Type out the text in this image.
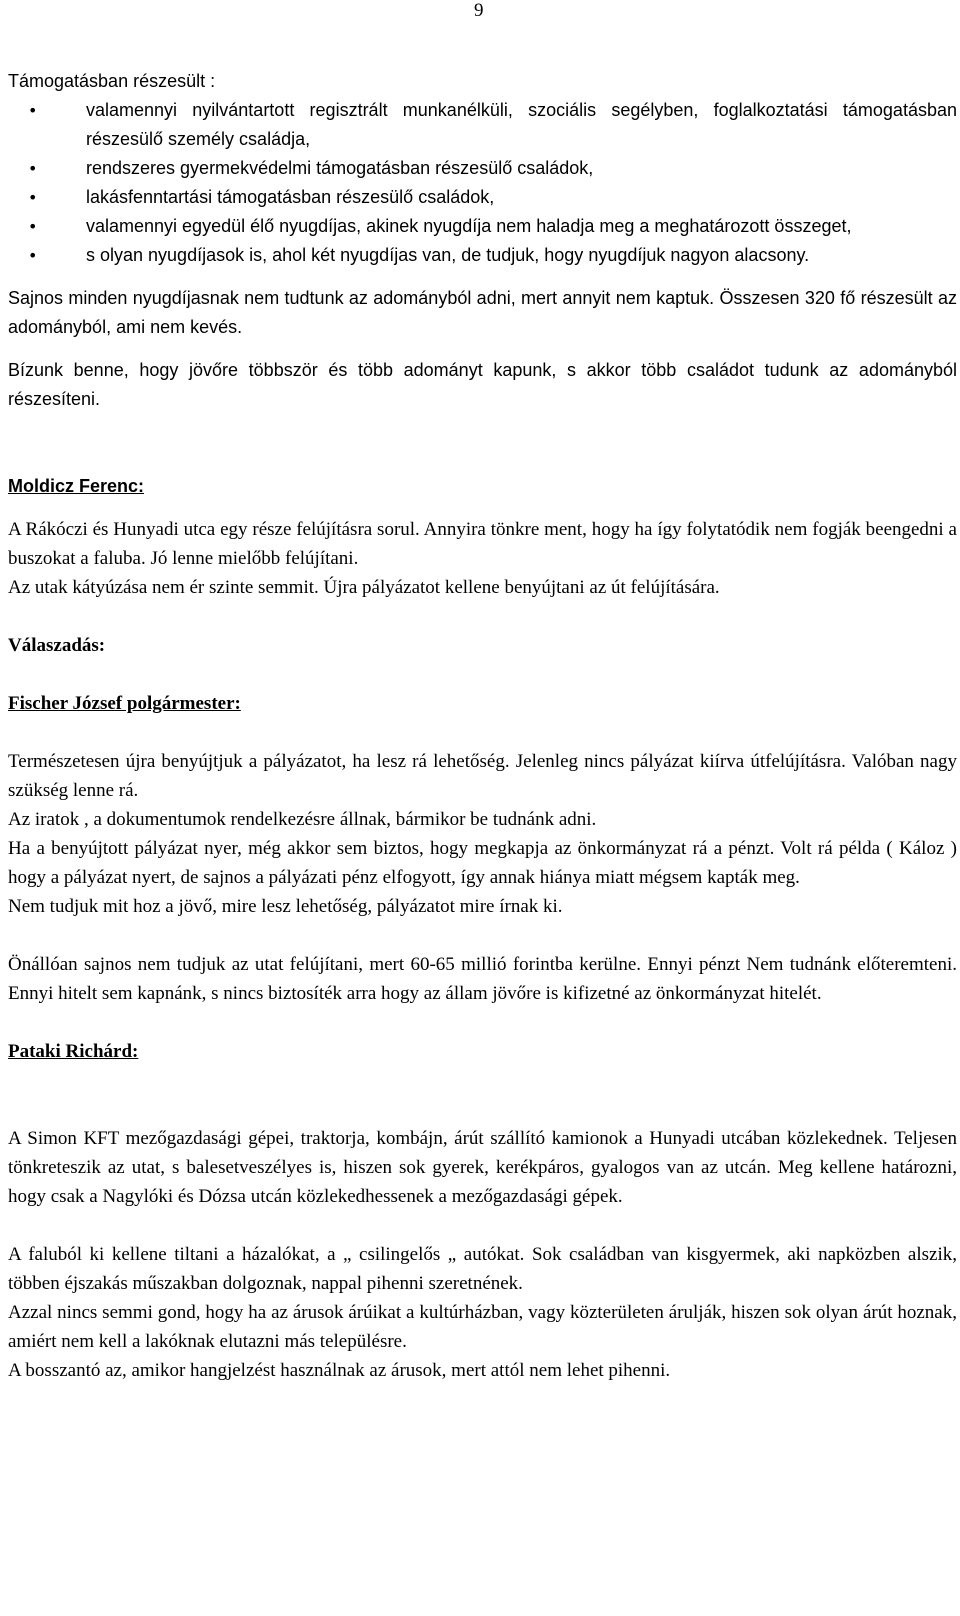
9

Támogatásban részesült :

• valamennyi nyilvántartott regisztrált munkanélküli, szociális segélyben, foglalkoztatási támogatásban részesülő személy családja,
• rendszeres gyermekvédelmi támogatásban részesülő családok,
• lakásfenntartási támogatásban részesülő családok,
• valamennyi egyedül élő nyugdíjas, akinek nyugdíja nem haladja meg a meghatározott összeget,
• s olyan nyugdíjasok is, ahol két nyugdíjas van, de tudjuk, hogy nyugdíjuk nagyon alacsony.

Sajnos minden nyugdíjasnak nem tudtunk az adományból adni, mert annyit nem kaptuk. Összesen 320 fő részesült az adományból, ami nem kevés.

Bízunk benne, hogy jövőre többször és több adományt kapunk, s akkor több családot tudunk az adományból részesíteni.

Moldicz Ferenc:

A Rákóczi és Hunyadi utca egy része felújításra sorul. Annyira tönkre ment, hogy ha így folytatódik nem fogják beengedni a buszokat a faluba. Jó lenne mielőbb felújítani.

Az utak kátyúzása nem ér szinte semmit. Újra pályázatot kellene benyújtani az út felújítására.

Válaszadás:

Fischer József polgármester:

Természetesen újra benyújtjuk a pályázatot, ha lesz rá lehetőség. Jelenleg nincs pályázat kiírva útfelújításra. Valóban nagy szükség lenne rá.

Az iratok , a dokumentumok rendelkezésre állnak, bármikor be tudnánk adni.

Ha a benyújtott pályázat nyer, még akkor sem biztos, hogy megkapja az önkormányzat rá a pénzt. Volt rá példa ( Káloz ) hogy a pályázat nyert, de sajnos a pályázati pénz elfogyott, így annak hiánya miatt mégsem kapták meg.

Nem tudjuk mit hoz a jövő, mire lesz lehetőség, pályázatot mire írnak ki.

Önállóan sajnos nem tudjuk az utat felújítani, mert 60-65 millió forintba kerülne. Ennyi pénzt Nem tudnánk előteremteni. Ennyi hitelt sem kapnánk, s nincs biztosíték arra hogy az állam jövőre is kifizetné az önkormányzat hitelét.

Pataki Richárd:

A Simon KFT mezőgazdasági gépei, traktorja, kombájn, árút szállító kamionok a Hunyadi utcában közlekednek. Teljesen tönkreteszik az utat, s balesetveszélyes is, hiszen sok gyerek, kerékpáros, gyalogos van az utcán. Meg kellene határozni, hogy csak a Nagylóki és Dózsa utcán közlekedhessenek a mezőgazdasági gépek.

A faluból ki kellene tiltani a házalókat, a „ csilingelős „ autókat. Sok családban van kisgyermek, aki napközben alszik, többen éjszakás műszakban dolgoznak, nappal pihenni szeretnének.

Azzal nincs semmi gond, hogy ha az árusok árúikat a kultúrházban, vagy közterületen árulják, hiszen sok olyan árút hoznak, amiért nem kell a lakóknak elutazni más településre.

A bosszantó az, amikor hangjelzést használnak az árusok, mert attól nem lehet pihenni.
